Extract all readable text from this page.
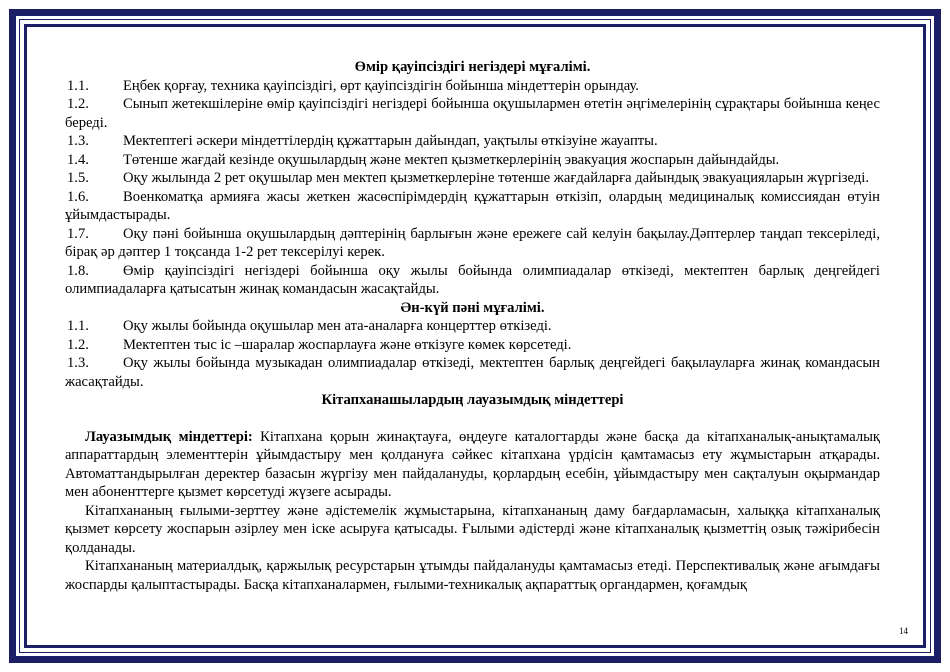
Өмір қауіпсіздігі негіздері мұғалімі.

1.1. Еңбек қорғау, техника қауіпсіздігі, өрт қауіпсіздігін бойынша міндеттерін орындау.

1.2. Сынып жетекшілеріне өмір қауіпсіздігі негіздері бойынша оқушылармен өтетін әңгімелерінің сұрақтары бойынша кеңес береді.

1.3. Мектептегі әскери міндеттілердің құжаттарын дайындап, уақтылы өткізуіне жауапты.

1.4. Төтенше жағдай кезінде оқушылардың және мектеп қызметкерлерінің эвакуация жоспарын дайындайды.

1.5. Оқу жылында 2 рет оқушылар мен мектеп қызметкерлеріне төтенше жағдайларға дайындық эвакуацияларын жүргізеді.

1.6. Военкоматқа армияға жасы жеткен жасөспірімдердің құжаттарын өткізіп, олардың медициналық комиссиядан өтуін ұйымдастырады.

1.7. Оқу пәні бойынша оқушылардың дәптерінің барлығын және ережеге сай келуін бақылау.Дәптерлер таңдап тексеріледі, бірақ әр дәптер 1 тоқсанда 1-2 рет тексерілуі керек.

1.8. Өмір қауіпсіздігі негіздері бойынша оқу жылы бойында олимпиадалар өткізеді, мектептен барлық деңгейдегі олимпиадаларға қатысатын жинақ командасын жасақтайды.

Ән-күй пәні мұғалімі.

1.1. Оқу жылы бойында оқушылар мен ата-аналарға концерттер өткізеді.

1.2. Мектептен тыс іс –шаралар жоспарлауға және өткізуге көмек көрсетеді.

1.3. Оқу жылы бойында музыкадан олимпиадалар өткізеді, мектептен барлық деңгейдегі бақылауларға жинақ командасын жасақтайды.

Кітапханашылардың лауазымдық міндеттері

Лауазымдық міндеттері: Кітапхана қорын жинақтауға, өңдеуге каталогтарды және басқа да кітапханалық-анықтамалық аппараттардың элементтерін ұйымдастыру мен қолдануға сәйкес кітапхана үрдісін қамтамасыз ету жұмыстарын атқарады. Автоматтандырылған деректер базасын жүргізу мен пайдалануды, қорлардың есебін, ұйымдастыру мен сақталуын оқырмандар мен абоненттерге қызмет көрсетуді жүзеге асырады.

Кітапхананың ғылыми-зерттеу және әдістемелік жұмыстарына, кітапхананың даму бағдарламасын, халыққа кітапханалық қызмет көрсету жоспарын әзірлеу мен іске асыруға қатысады. Ғылыми әдістерді және кітапханалық қызметтің озық тәжірибесін қолданады.

Кітапхананың материалдық, қаржылық ресурстарын ұтымды пайдалануды қамтамасыз етеді. Перспективалық және ағымдағы жоспарды қалыптастырады. Басқа кітапханалармен, ғылыми-техникалық ақпараттық органдармен, қоғамдық

14
